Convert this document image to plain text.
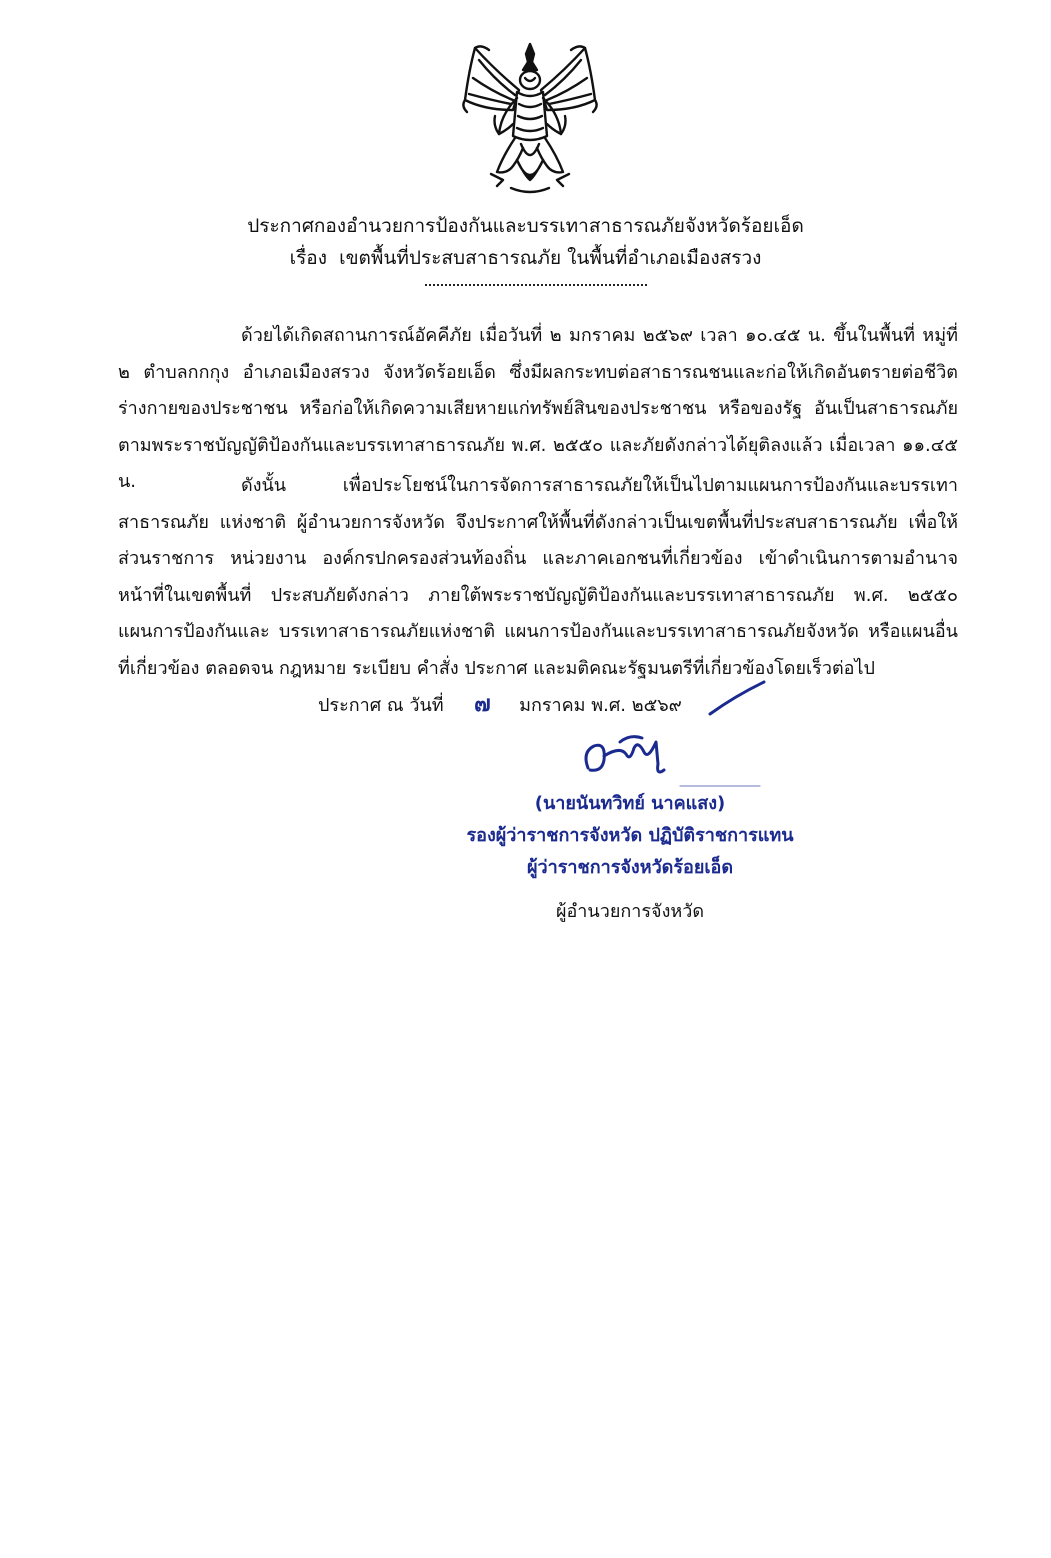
ประกาศกองอำนวยการป้องกันและบรรเทาสาธารณภัยจังหวัดร้อยเอ็ด
เรื่อง เขตพื้นที่ประสบสาธารณภัย ในพื้นที่อำเภอเมืองสรวง
ด้วยได้เกิดสถานการณ์อัคคีภัย เมื่อวันที่ ๒ มกราคม ๒๕๖๙ เวลา ๑๐.๔๕ น. ขึ้นในพื้นที่ หมู่ที่ ๒ ตำบลกกกุง อำเภอเมืองสรวง จังหวัดร้อยเอ็ด ซึ่งมีผลกระทบต่อสาธารณชนและก่อให้เกิดอันตรายต่อชีวิต ร่างกายของประชาชน หรือก่อให้เกิดความเสียหายแก่ทรัพย์สินของประชาชน หรือของรัฐ อันเป็นสาธารณภัย ตามพระราชบัญญัติป้องกันและบรรเทาสาธารณภัย พ.ศ. ๒๕๕๐ และภัยดังกล่าวได้ยุติลงแล้ว เมื่อเวลา ๑๑.๔๕ น.	ดังนั้น เพื่อประโยชน์ในการจัดการสาธารณภัยให้เป็นไปตามแผนการป้องกันและบรรเทาสาธารณภัย แห่งชาติ ผู้อำนวยการจังหวัด จึงประกาศให้พื้นที่ดังกล่าวเป็นเขตพื้นที่ประสบสาธารณภัย เพื่อให้ส่วนราชการ หน่วยงาน องค์กรปกครองส่วนท้องถิ่น และภาคเอกชนที่เกี่ยวข้อง เข้าดำเนินการตามอำนาจหน้าที่ในเขตพื้นที่ ประสบภัยดังกล่าว ภายใต้พระราชบัญญัติป้องกันและบรรเทาสาธารณภัย พ.ศ. ๒๕๕๐ แผนการป้องกันและ บรรเทาสาธารณภัยแห่งชาติ แผนการป้องกันและบรรเทาสาธารณภัยจังหวัด หรือแผนอื่นที่เกี่ยวข้อง ตลอดจน กฎหมาย ระเบียบ คำสั่ง ประกาศ และมติคณะรัฐมนตรีที่เกี่ยวข้องโดยเร็วต่อไป
ประกาศ ณ วันที่ ๗ มกราคม พ.ศ. ๒๕๖๙
(นายนันทวิทย์ นาคแสง)
รองผู้ว่าราชการจังหวัด ปฏิบัติราชการแทน
ผู้ว่าราชการจังหวัดร้อยเอ็ด
ผู้อำนวยการจังหวัด
